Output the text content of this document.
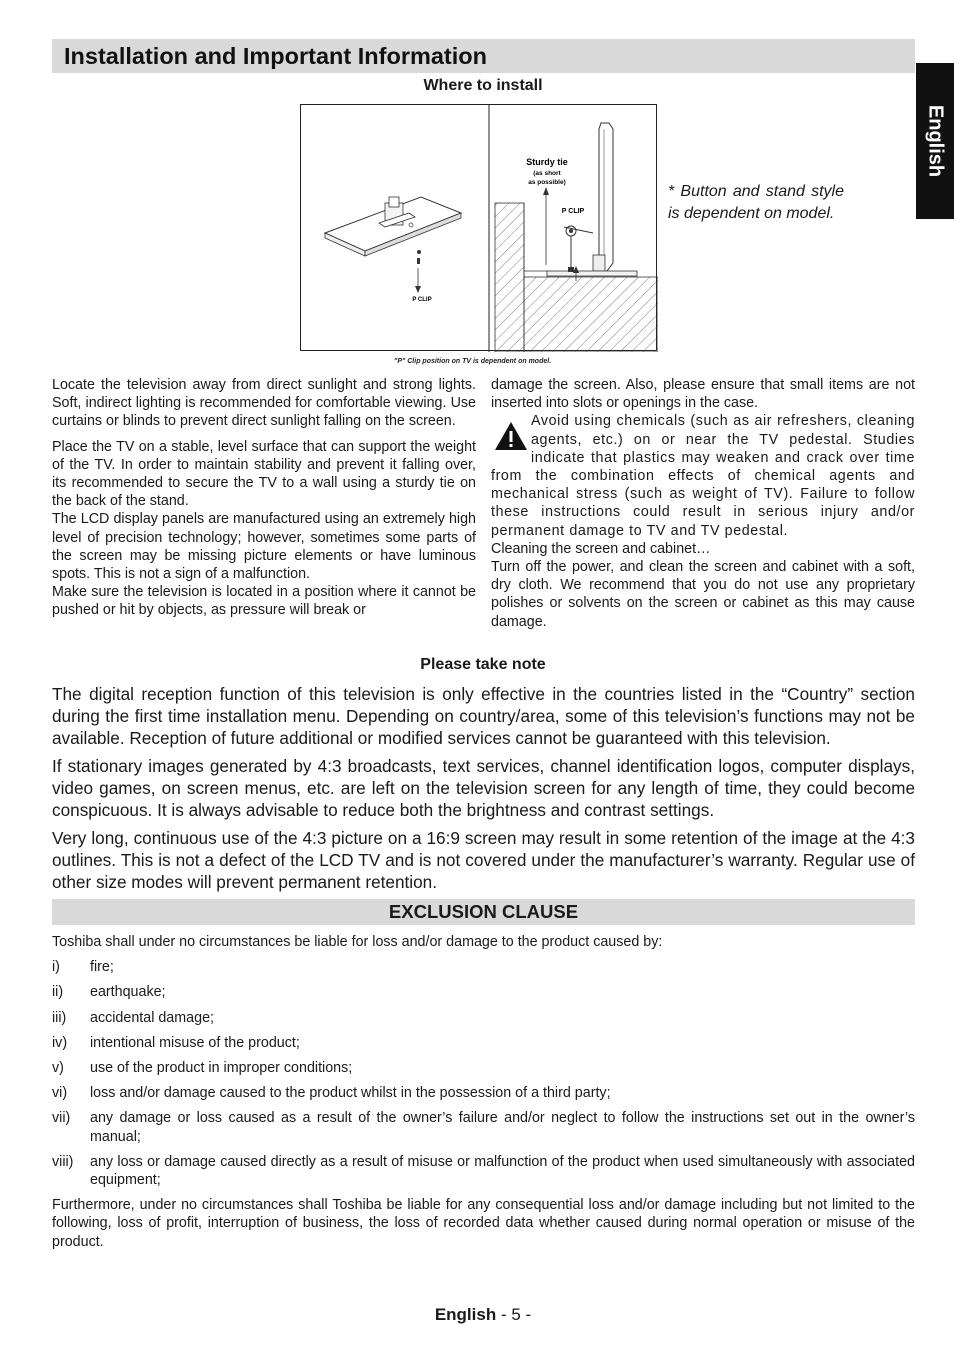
Installation and Important Information
English
Where to install
P CLIP
Sturdy tie
(as short
as possible)
P CLIP
* Button and stand style is dependent on model.
"P" Clip position on TV is dependent on model.

Locate the television away from direct sunlight and strong lights. Soft, indirect lighting is recommended for comfortable viewing. Use curtains or blinds to prevent direct sunlight falling on the screen.

Place the TV on a stable, level surface that can support the weight of the TV. In order to maintain stability and prevent it falling over, its recommended to secure the TV to a wall using a sturdy tie on the back of the stand.

The LCD display panels are manufactured using an extremely high level of precision technology; however, sometimes some parts of the screen may be missing picture elements or have luminous spots. This is not a sign of a malfunction.

Make sure the television is located in a position where it cannot be pushed or hit by objects, as pressure will break or

damage the screen. Also, please ensure that small items are not inserted into slots or openings in the case.

Avoid using chemicals (such as air refreshers, cleaning agents, etc.) on or near the TV pedestal. Studies indicate that plastics may weaken and crack over time from the combination effects of chemical agents and mechanical stress (such as weight of TV). Failure to follow these instructions could result in serious injury and/or permanent damage to TV and TV pedestal.

Cleaning the screen and cabinet…

Turn off the power, and clean the screen and cabinet with a soft, dry cloth. We recommend that you do not use any proprietary polishes or solvents on the screen or cabinet as this may cause damage.

Please take note

The digital reception function of this television is only effective in the countries listed in the “Country” section during the first time installation menu. Depending on country/area, some of this television’s functions may not be available. Reception of future additional or modified services cannot be guaranteed with this television.

If stationary images generated by 4:3 broadcasts, text services, channel identification logos, computer displays, video games, on screen menus, etc. are left on the television screen for any length of time, they could become conspicuous. It is always advisable to reduce both the brightness and contrast settings.

Very long, continuous use of the 4:3 picture on a 16:9 screen may result in some retention of the image at the 4:3 outlines. This is not a defect of the LCD TV and is not covered under the manufacturer’s warranty. Regular use of other size modes will prevent permanent retention.

EXCLUSION CLAUSE

Toshiba shall under no circumstances be liable for loss and/or damage to the product caused by:

i) fire;

ii) earthquake;

iii) accidental damage;

iv) intentional misuse of the product;

v) use of the product in improper conditions;

vi) loss and/or damage caused to the product whilst in the possession of a third party;

vii) any damage or loss caused as a result of the owner’s failure and/or neglect to follow the instructions set out in the owner’s manual;

viii) any loss or damage caused directly as a result of misuse or malfunction of the product when used simultaneously with associated equipment;

Furthermore, under no circumstances shall Toshiba be liable for any consequential loss and/or damage including but not limited to the following, loss of profit, interruption of business, the loss of recorded data whether caused during normal operation or misuse of the product.

English - 5 -
